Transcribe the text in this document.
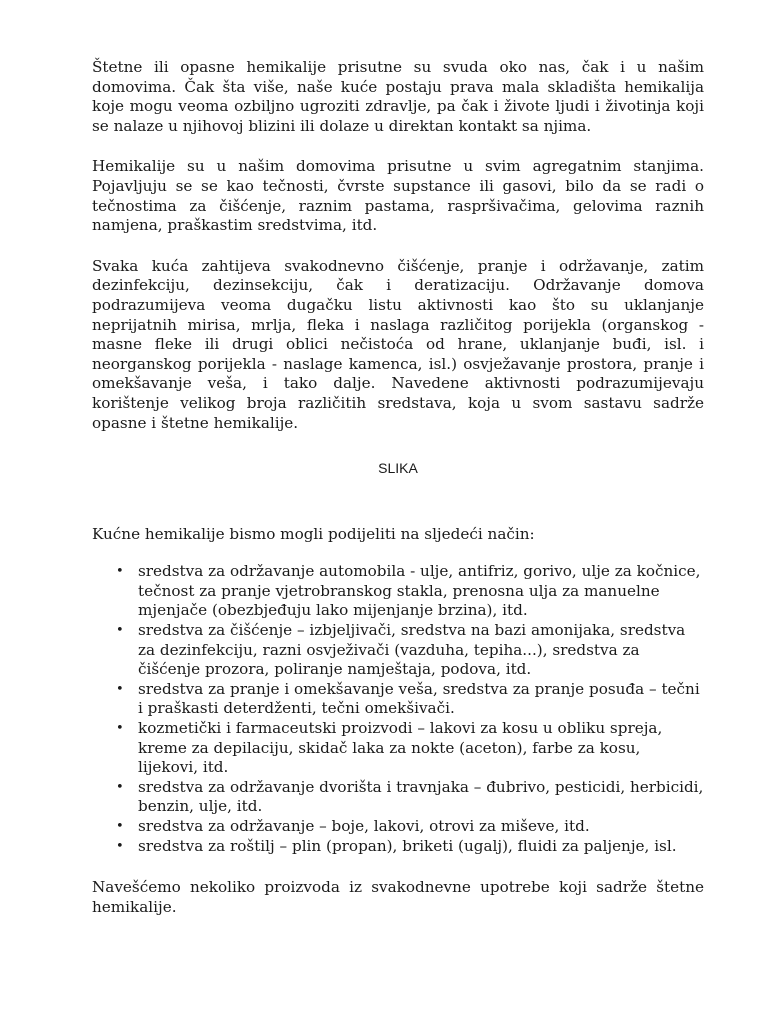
Štetne ili opasne hemikalije prisutne su svuda oko nas, čak i u našim domovima. Čak šta više, naše kuće postaju prava mala skladišta hemikalija koje mogu veoma ozbiljno ugroziti zdravlje, pa čak i živote ljudi i životinja koji se nalaze u njihovoj blizini ili dolaze u direktan kontakt sa njima.

Hemikalije su u našim domovima prisutne u svim agregatnim stanjima. Pojavljuju se se kao tečnosti, čvrste supstance ili gasovi, bilo da se radi o tečnostima za čišćenje, raznim pastama, raspršivačima, gelovima raznih namjena, praškastim sredstvima, itd.

Svaka kuća zahtijeva svakodnevno čišćenje, pranje i održavanje, zatim dezinfekciju, dezinsekciju, čak i deratizaciju. Održavanje domova podrazumijeva veoma dugačku listu aktivnosti kao što su uklanjanje neprijatnih mirisa, mrlja, fleka i naslaga različitog porijekla (organskog - masne fleke ili drugi oblici nečistoća od hrane, uklanjanje buđi, isl. i neorganskog porijekla - naslage kamenca, isl.) osvježavanje prostora, pranje i omekšavanje veša, i tako dalje. Navedene aktivnosti podrazumijevaju korištenje velikog broja različitih sredstava, koja u svom sastavu sadrže opasne i štetne hemikalije.

SLIKA

Kućne hemikalije bismo mogli podijeliti na sljedeći način:

• sredstva za održavanje automobila - ulje, antifriz, gorivo, ulje za kočnice, tečnost za pranje vjetrobranskog stakla, prenosna ulja za manuelne mjenjače (obezbjeđuju lako mijenjanje brzina), itd.
• sredstva za čišćenje – izbjeljivači, sredstva na bazi amonijaka, sredstva za dezinfekciju, razni osvježivači (vazduha, tepiha...), sredstva za čišćenje prozora, poliranje namještaja, podova, itd.
• sredstva za pranje i omekšavanje veša, sredstva za pranje posuđa – tečni i praškasti deterdženti, tečni omekšivači.
• kozmetički i farmaceutski proizvodi – lakovi za kosu u obliku spreja, kreme za depilaciju, skidač laka za nokte (aceton), farbe za kosu, lijekovi, itd.
• sredstva za održavanje dvorišta i travnjaka – đubrivo, pesticidi, herbicidi, benzin, ulje, itd.
• sredstva za održavanje – boje, lakovi, otrovi za miševe, itd.
• sredstva za roštilj – plin (propan), briketi (ugalj), fluidi za paljenje, isl.

Navešćemo nekoliko proizvoda iz svakodnevne upotrebe koji sadrže štetne hemikalije.
